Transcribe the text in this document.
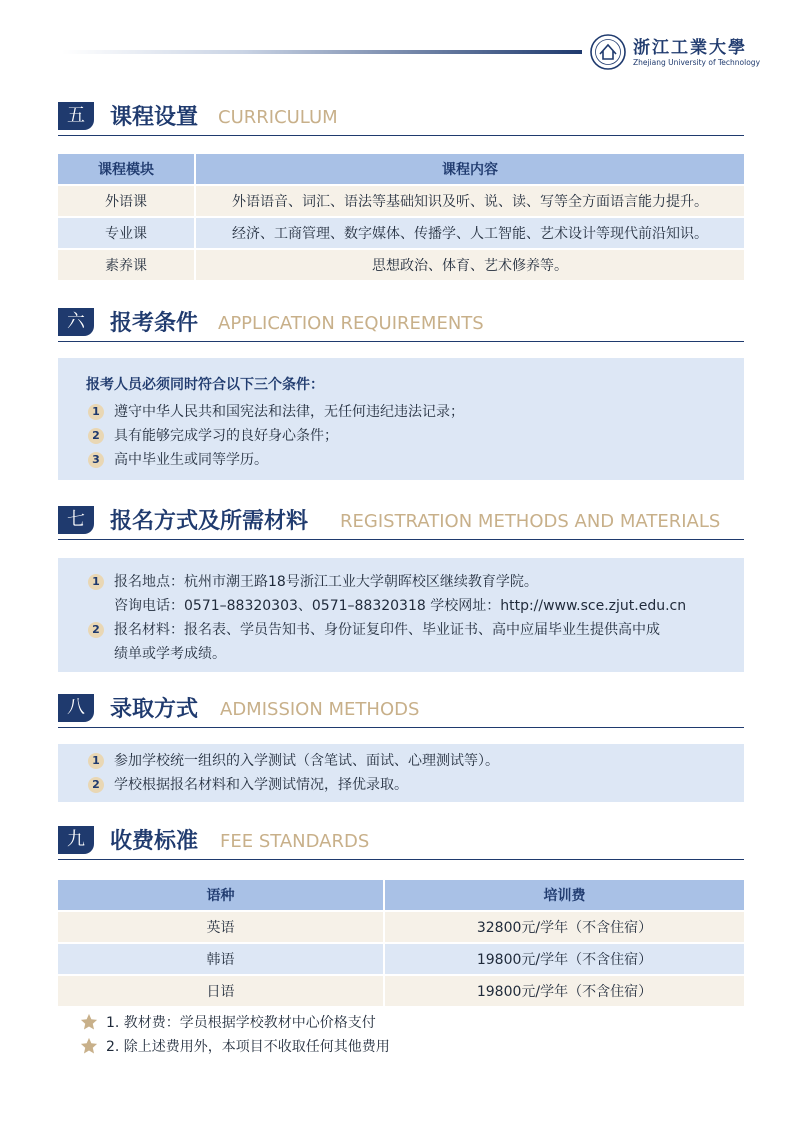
浙江工業大學
Zhejiang University of Technology
五	课程设置 CURRICULUM
课程模块	课程内容
外语课	外语语音、词汇、语法等基础知识及听、说、读、写等全方面语言能力提升。
专业课	经济、工商管理、数字媒体、传播学、人工智能、艺术设计等现代前沿知识。
素养课	思想政治、体育、艺术修养等。
六	报考条件 APPLICATION REQUIREMENTS
报考人员必须同时符合以下三个条件：
1 遵守中华人民共和国宪法和法律，无任何违纪违法记录；
2 具有能够完成学习的良好身心条件；
3 高中毕业生或同等学历。
七	报名方式及所需材料 REGISTRATION METHODS AND MATERIALS
1 报名地点：杭州市潮王路18号浙江工业大学朝晖校区继续教育学院。
咨询电话：0571–88320303、0571–88320318 学校网址：http://www.sce.zjut.edu.cn
2 报名材料：报名表、学员告知书、身份证复印件、毕业证书、高中应届毕业生提供高中成
绩单或学考成绩。
八	录取方式 ADMISSION METHODS
1 参加学校统一组织的入学测试（含笔试、面试、心理测试等）。
2 学校根据报名材料和入学测试情况，择优录取。
九	收费标准 FEE STANDARDS
语种	培训费
英语	32800元/学年（不含住宿）
韩语	19800元/学年（不含住宿）
日语	19800元/学年（不含住宿）
1. 教材费：学员根据学校教材中心价格支付
2. 除上述费用外，本项目不收取任何其他费用
